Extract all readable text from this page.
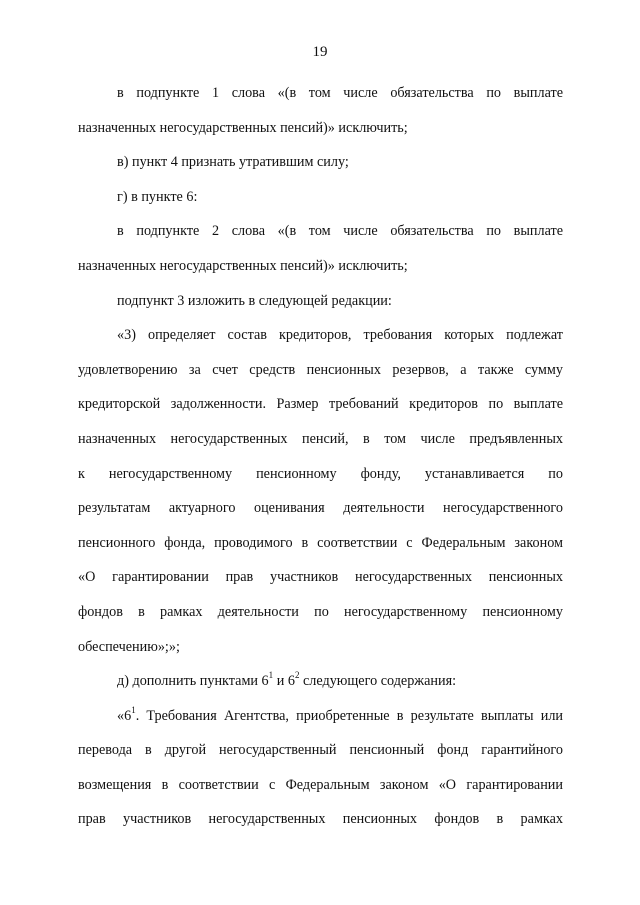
19
в подпункте 1 слова «(в том числе обязательства по выплате
назначенных негосударственных пенсий)» исключить;
в) пункт 4 признать утратившим силу;
г) в пункте 6:
в подпункте 2 слова «(в том числе обязательства по выплате
назначенных негосударственных пенсий)» исключить;
подпункт 3 изложить в следующей редакции:
«3) определяет состав кредиторов, требования которых подлежат
удовлетворению за счет средств пенсионных резервов, а также сумму
кредиторской задолженности. Размер требований кредиторов по выплате
назначенных негосударственных пенсий, в том числе предъявленных
к негосударственному пенсионному фонду, устанавливается по
результатам актуарного оценивания деятельности негосударственного
пенсионного фонда, проводимого в соответствии с Федеральным законом
«О гарантировании прав участников негосударственных пенсионных
фондов в рамках деятельности по негосударственному пенсионному
обеспечению»;»;
д) дополнить пунктами $6^1$ и $6^2$ следующего содержания:
«$6^1$. Требования Агентства, приобретенные в результате выплаты или
перевода в другой негосударственный пенсионный фонд гарантийного
возмещения в соответствии с Федеральным законом «О гарантировании
прав участников негосударственных пенсионных фондов в рамках
